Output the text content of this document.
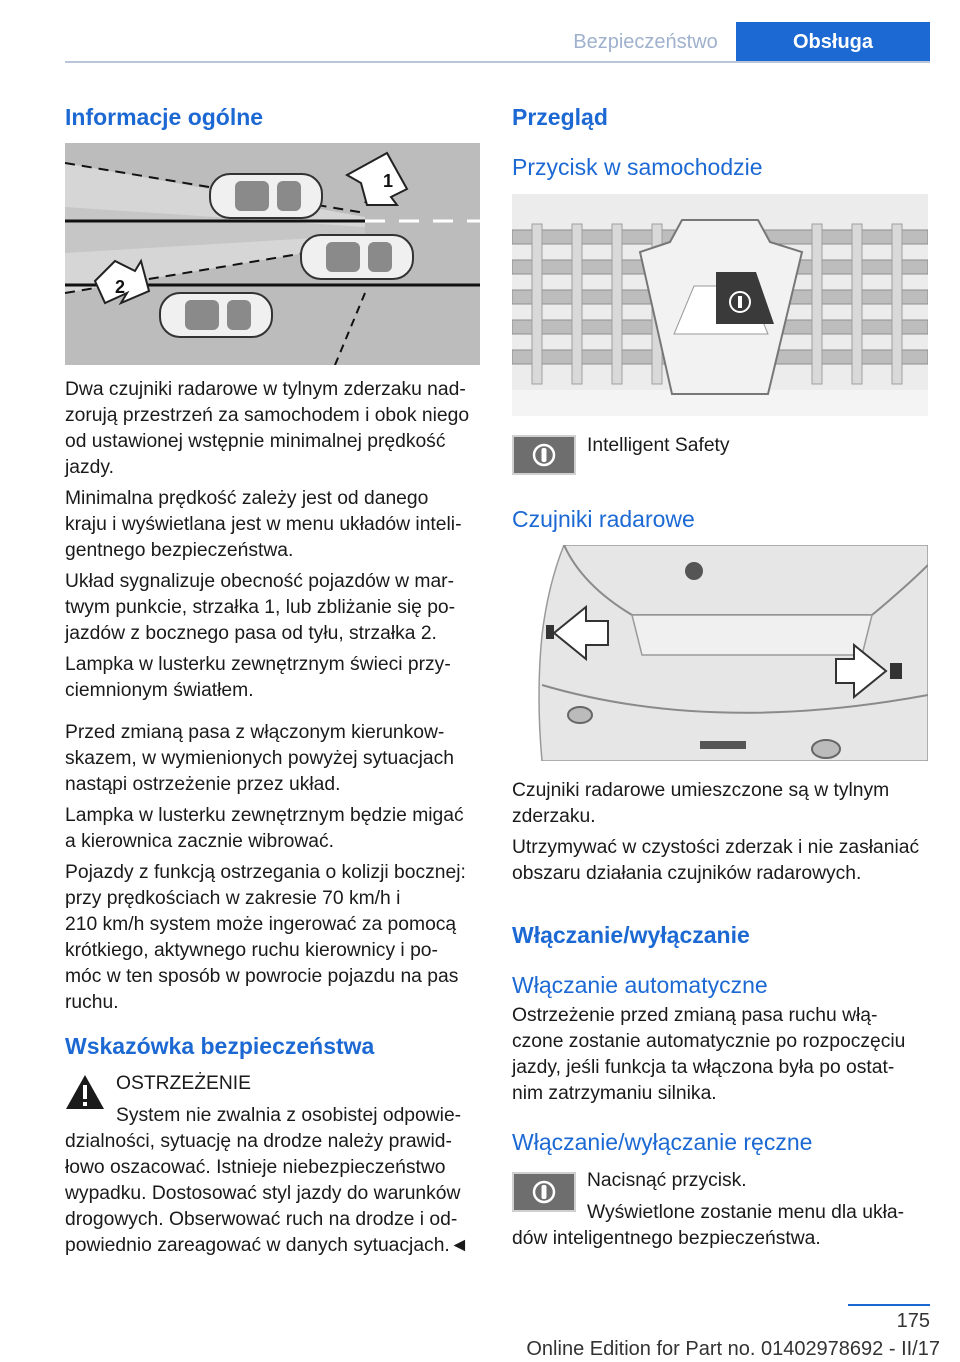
Bezpieczeństwo	Obsługa
Informacje ogólne
1
2

Dwa czujniki radarowe w tylnym zderzaku nad-

zorują przestrzeń za samochodem i obok niego

od ustawionej wstępnie minimalnej prędkość

jazdy.

Minimalna prędkość zależy jest od danego

kraju i wyświetlana jest w menu układów inteli-

gentnego bezpieczeństwa.

Układ sygnalizuje obecność pojazdów w mar-

twym punkcie, strzałka 1, lub zbliżanie się po-

jazdów z bocznego pasa od tyłu, strzałka 2.

Lampka w lusterku zewnętrznym świeci przy-

ciemnionym światłem.

Przed zmianą pasa z włączonym kierunkow-

skazem, w wymienionych powyżej sytuacjach

nastąpi ostrzeżenie przez układ.

Lampka w lusterku zewnętrznym będzie migać

a kierownica zacznie wibrować.

Pojazdy z funkcją ostrzegania o kolizji bocznej:

przy prędkościach w zakresie 70 km/h i

210 km/h system może ingerować za pomocą

krótkiego, aktywnego ruchu kierownicy i po-

móc w ten sposób w powrocie pojazdu na pas

ruchu.

Wskazówka bezpieczeństwa

OSTRZEŻENIE

System nie zwalnia z osobistej odpowie-

dzialności, sytuację na drodze należy prawid-

łowo oszacować. Istnieje niebezpieczeństwo

wypadku. Dostosować styl jazdy do warunków

drogowych. Obserwować ruch na drodze i od-

powiednio zareagować w danych sytuacjach.◄

Przegląd
Przycisk w samochodzie

Intelligent Safety

Czujniki radarowe

Czujniki radarowe umieszczone są w tylnym

zderzaku.

Utrzymywać w czystości zderzak i nie zasłaniać

obszaru działania czujników radarowych.

Włączanie/wyłączanie
Włączanie automatyczne

Ostrzeżenie przed zmianą pasa ruchu włą-

czone zostanie automatycznie po rozpoczęciu

jazdy, jeśli funkcja ta włączona była po ostat-

nim zatrzymaniu silnika.

Włączanie/wyłączanie ręczne

Nacisnąć przycisk.

Wyświetlone zostanie menu dla ukła-

dów inteligentnego bezpieczeństwa.

175
Online Edition for Part no. 01402978692 - II/17
